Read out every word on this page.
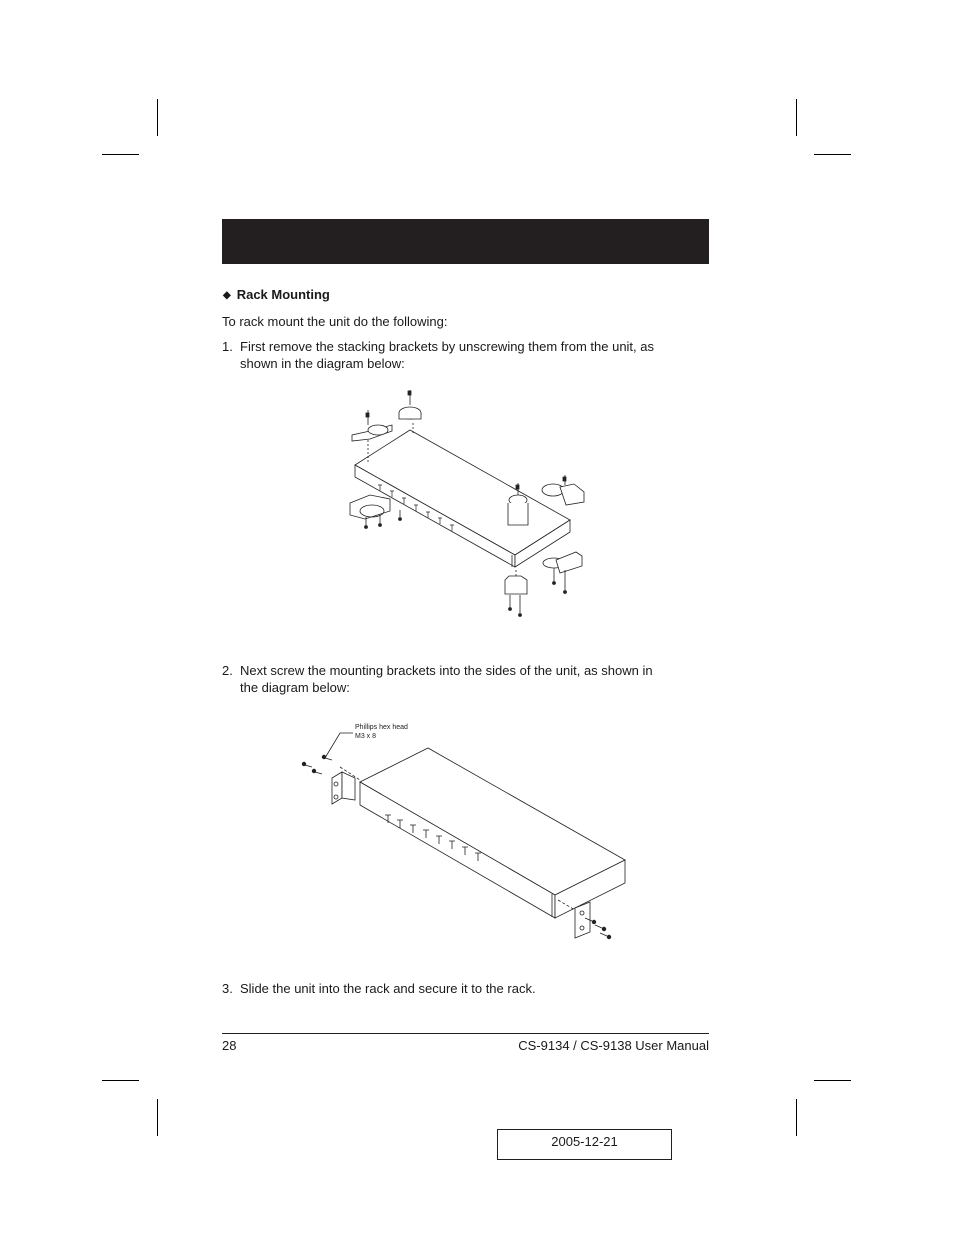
◆ Rack Mounting
To rack mount the unit do the following:
1. First remove the stacking brackets by unscrewing them from the unit, as
shown in the diagram below:
2. Next screw the mounting brackets into the sides of the unit, as shown in
the diagram below:
Phillips hex head
M3 x 8
3. Slide the unit into the rack and secure it to the rack.
28	CS-9134 / CS-9138 User Manual
2005-12-21
